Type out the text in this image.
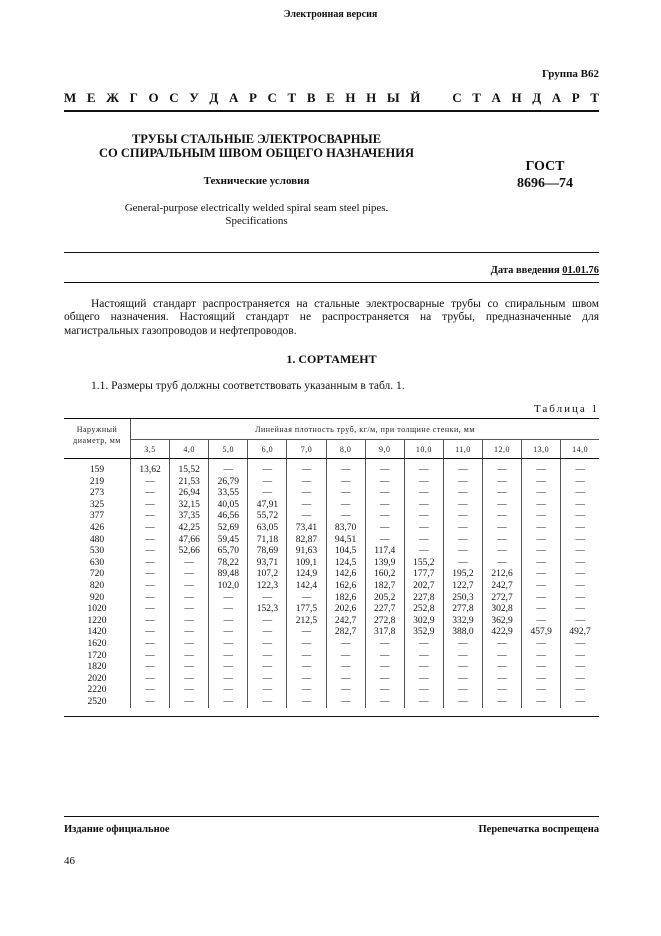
Электронная версия
Группа В62
М Е Ж Г О С У Д А Р С Т В Е Н Н Ы Й С Т А Н Д А Р Т
ТРУБЫ СТАЛЬНЫЕ ЭЛЕКТРОСВАРНЫЕ
СО СПИРАЛЬНЫМ ШВОМ ОБЩЕГО НАЗНАЧЕНИЯ
Технические условия
General-purpose electrically welded spiral seam steel pipes.
Specifications
ГОСТ
8696—74
Дата введения 01.01.76
Настоящий стандарт распространяется на стальные электросварные трубы со спиральным швом общего назначения. Настоящий стандарт не распространяется на трубы, предназначенные для магистральных газопроводов и нефтепроводов.
1. СОРТАМЕНТ
1.1. Размеры труб должны соответствовать указанным в табл. 1.
Таблица 1
Наружный диаметр, мм	Линейная плотность труб, кг/м, при толщине стенки, мм											
	3,5	4,0	5,0	6,0	7,0	8,0	9,0	10,0	11,0	12,0	13,0	14,0
159	13,62	15,52	—	—	—	—	—	—	—	—	—	—
219	—	21,53	26,79	—	—	—	—	—	—	—	—	—
273	—	26,94	33,55	—	—	—	—	—	—	—	—	—
325	—	32,15	40,05	47,91	—	—	—	—	—	—	—	—
377	—	37,35	46,56	55,72	—	—	—	—	—	—	—	—
426	—	42,25	52,69	63,05	73,41	83,70	—	—	—	—	—	—
480	—	47,66	59,45	71,18	82,87	94,51	—	—	—	—	—	—
530	—	52,66	65,70	78,69	91,63	104,5	117,4	—	—	—	—	—
630	—	—	78,22	93,71	109,1	124,5	139,9	155,2	—	—	—	—
720	—	—	89,48	107,2	124,9	142,6	160,2	177,7	195,2	212,6	—	—
820	—	—	102,0	122,3	142,4	162,6	182,7	202,7	122,7	242,7	—	—
920	—	—	—	—	—	182,6	205,2	227,8	250,3	272,7	—	—
1020	—	—	—	152,3	177,5	202,6	227,7	252,8	277,8	302,8	—	—
1220	—	—	—	—	212,5	242,7	272,8	302,9	332,9	362,9	—	—
1420	—	—	—	—	—	282,7	317,8	352,9	388,0	422,9	457,9	492,7
1620	—	—	—	—	—	—	—	—	—	—	—	—
1720	—	—	—	—	—	—	—	—	—	—	—	—
1820	—	—	—	—	—	—	—	—	—	—	—	—
2020	—	—	—	—	—	—	—	—	—	—	—	—
2220	—	—	—	—	—	—	—	—	—	—	—	—
2520	—	—	—	—	—	—	—	—	—	—	—	—
Издание официальное	Перепечатка воспрещена
46
